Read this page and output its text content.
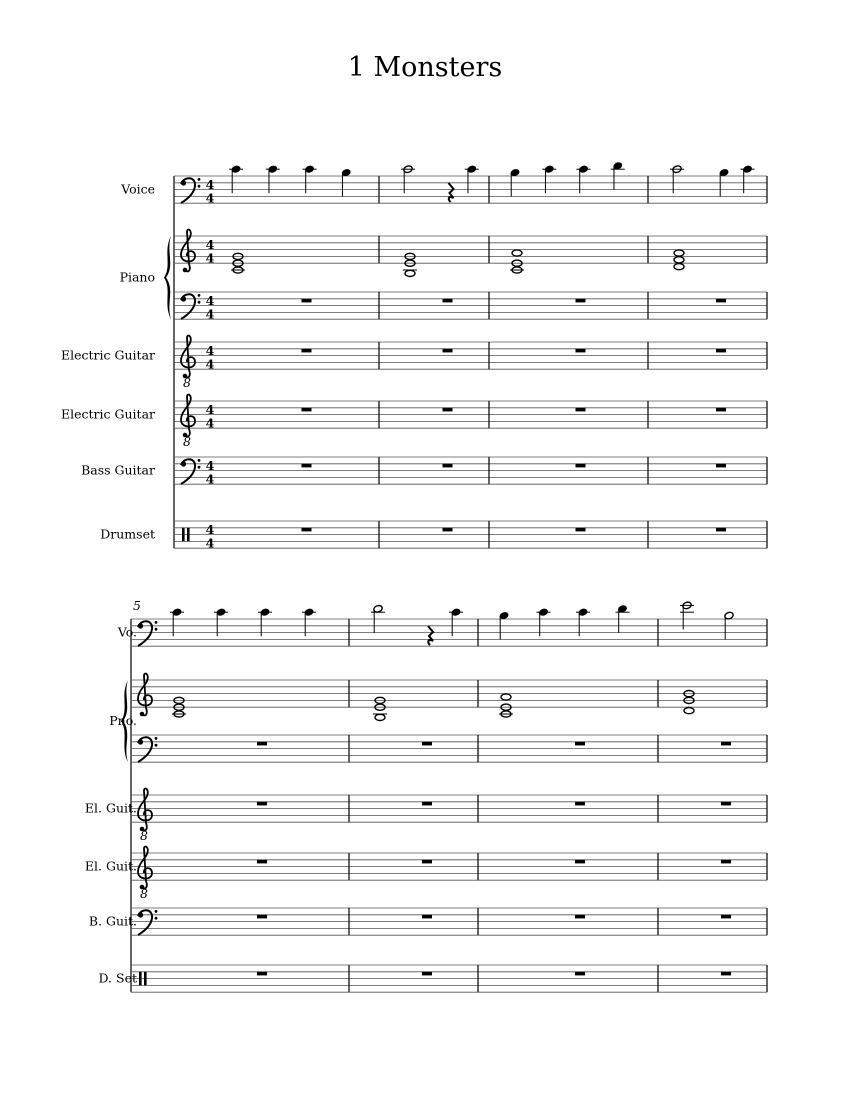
1 Monsters
Voice	4
4
Piano
4
4
4
4
Electric Guitar
8
4
4
Electric Guitar
8
4
4
Bass Guitar	4
4
Drumset	4
4
5
Vo.
Pno.
El. Guit.
8
El. Guit.
8
B. Guit.
D. Set
